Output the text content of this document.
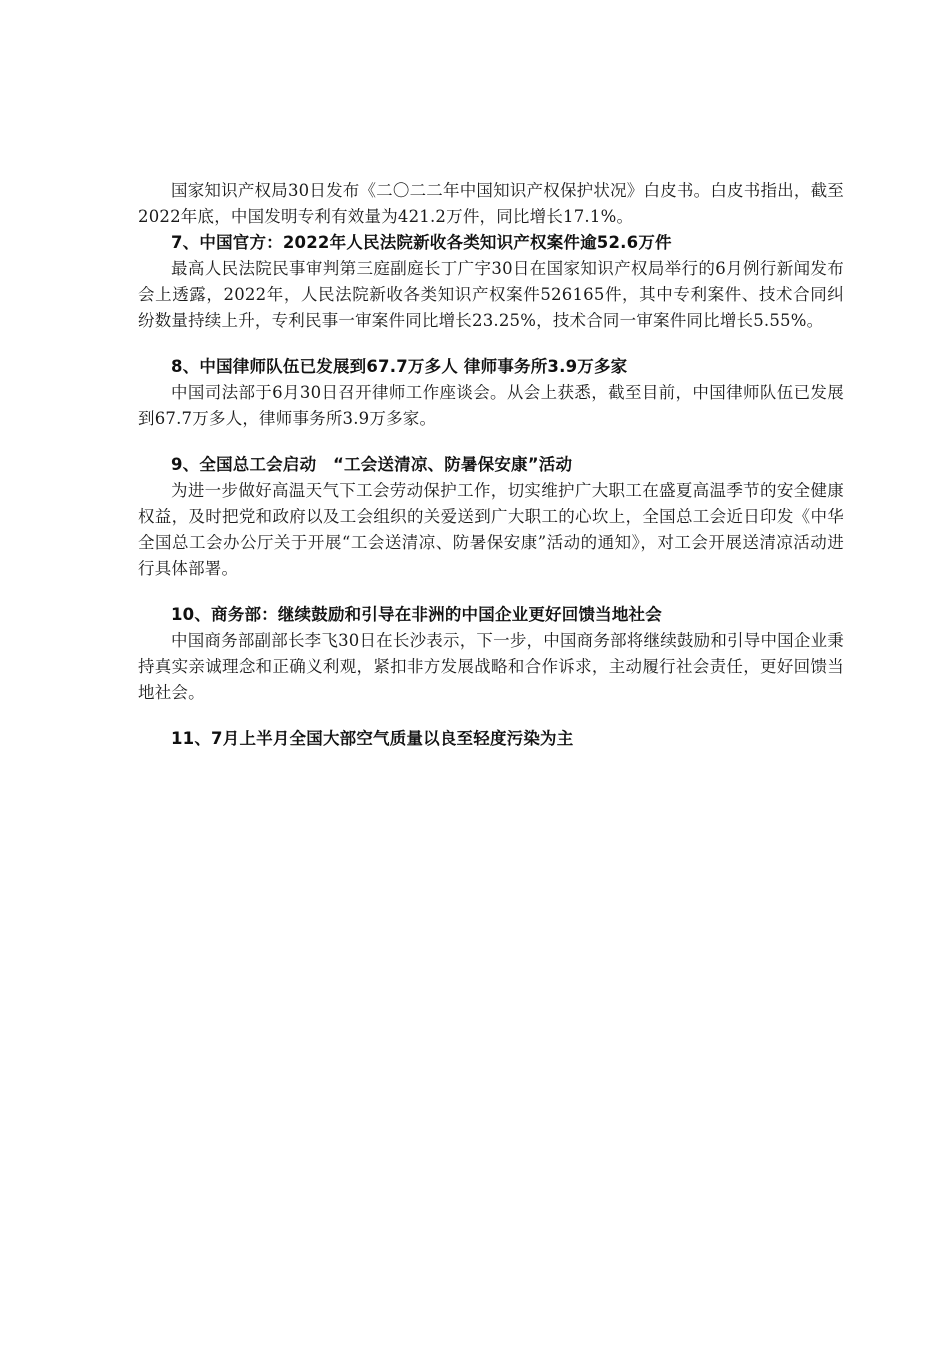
国家知识产权局30日发布《二〇二二年中国知识产权保护状况》白皮书。白皮书指出，截至2022年底，中国发明专利有效量为421.2万件，同比增长17.1%。

7、中国官方：2022年人民法院新收各类知识产权案件逾52.6万件

最高人民法院民事审判第三庭副庭长丁广宇30日在国家知识产权局举行的6月例行新闻发布会上透露，2022年，人民法院新收各类知识产权案件526165件，其中专利案件、技术合同纠纷数量持续上升，专利民事一审案件同比增长23.25%，技术合同一审案件同比增长5.55%。

8、中国律师队伍已发展到67.7万多人 律师事务所3.9万多家

中国司法部于6月30日召开律师工作座谈会。从会上获悉，截至目前，中国律师队伍已发展到67.7万多人，律师事务所3.9万多家。

9、全国总工会启动　“工会送清凉、防暑保安康”活动

为进一步做好高温天气下工会劳动保护工作，切实维护广大职工在盛夏高温季节的安全健康权益，及时把党和政府以及工会组织的关爱送到广大职工的心坎上，全国总工会近日印发《中华全国总工会办公厅关于开展“工会送清凉、防暑保安康”活动的通知》，对工会开展送清凉活动进行具体部署。

10、商务部：继续鼓励和引导在非洲的中国企业更好回馈当地社会

中国商务部副部长李飞30日在长沙表示，下一步，中国商务部将继续鼓励和引导中国企业秉持真实亲诚理念和正确义利观，紧扣非方发展战略和合作诉求，主动履行社会责任，更好回馈当地社会。

11、7月上半月全国大部空气质量以良至轻度污染为主
